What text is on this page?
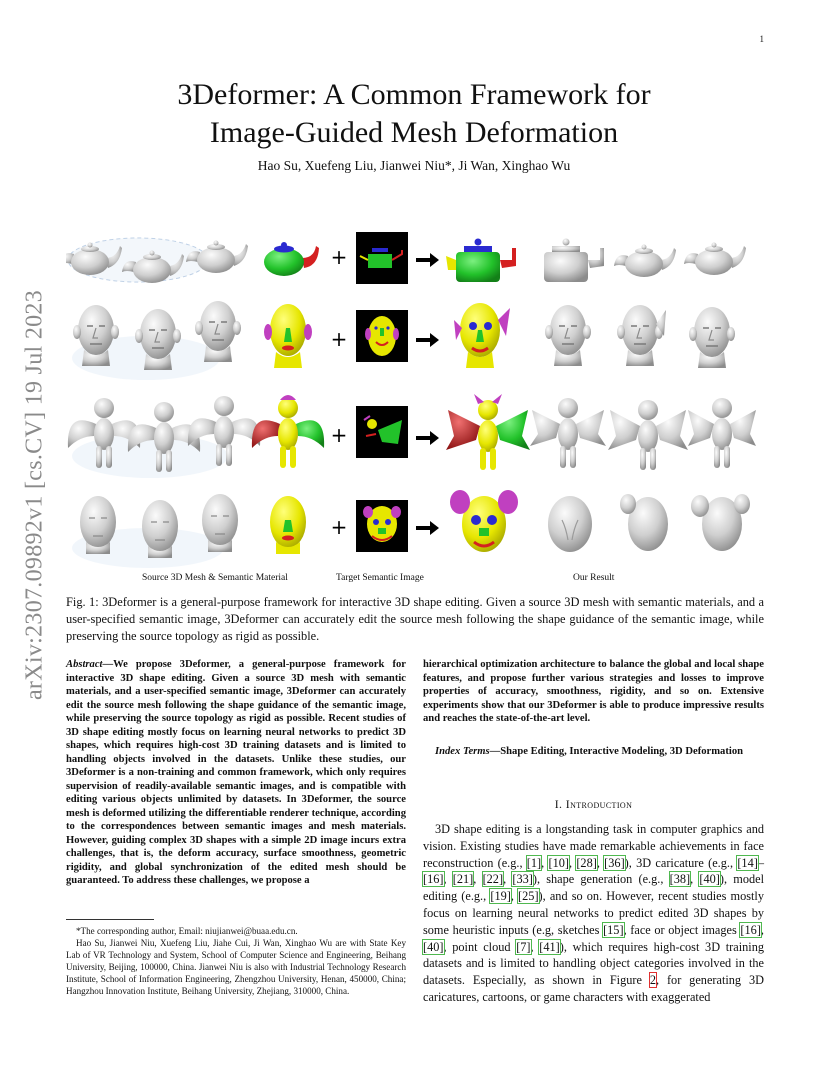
1
3Deformer: A Common Framework for
Image-Guided Mesh Deformation
Hao Su, Xuefeng Liu, Jianwei Niu*, Ji Wan, Xinghao Wu
arXiv:2307.09892v1 [cs.CV] 19 Jul 2023
+
+
+
+
Source 3D Mesh & Semantic Material	Target Semantic Image	Our Result
Fig. 1: 3Deformer is a general-purpose framework for interactive 3D shape editing. Given a source 3D mesh with semantic materials, and a user-specified semantic image, 3Deformer can accurately edit the source mesh following the shape guidance of the semantic image, while preserving the source topology as rigid as possible.
Abstract—We propose 3Deformer, a general-purpose framework for interactive 3D shape editing. Given a source 3D mesh with semantic materials, and a user-specified semantic image, 3Deformer can accurately edit the source mesh following the shape guidance of the semantic image, while preserving the source topology as rigid as possible. Recent studies of 3D shape editing mostly focus on learning neural networks to predict 3D shapes, which requires high-cost 3D training datasets and is limited to handling objects involved in the datasets. Unlike these studies, our 3Deformer is a non-training and common framework, which only requires supervision of readily-available semantic images, and is compatible with editing various objects unlimited by datasets. In 3Deformer, the source mesh is deformed utilizing the differentiable renderer technique, according to the correspondences between semantic images and mesh materials. However, guiding complex 3D shapes with a simple 2D image incurs extra challenges, that is, the deform accuracy, surface smoothness, geometric rigidity, and global synchronization of the edited mesh should be guaranteed. To address these challenges, we propose a

*The corresponding author, Email: niujianwei@buaa.edu.cn.

Hao Su, Jianwei Niu, Xuefeng Liu, Jiahe Cui, Ji Wan, Xinghao Wu are with State Key Lab of VR Technology and System, School of Computer Science and Engineering, Beihang University, Beijing, 100000, China. Jianwei Niu is also with Industrial Technology Research Institute, School of Information Engineering, Zhengzhou University, Henan, 450000, China; Hangzhou Innovation Institute, Beihang University, Zhejiang, 310000, China.

hierarchical optimization architecture to balance the global and local shape features, and propose further various strategies and losses to improve properties of accuracy, smoothness, rigidity, and so on. Extensive experiments show that our 3Deformer is able to produce impressive results and reaches the state-of-the-art level.
Index Terms—Shape Editing, Interactive Modeling, 3D Deformation
I. Introduction
3D shape editing is a longstanding task in computer graphics and vision. Existing studies have made remarkable achievements in face reconstruction (e.g., [1], [10], [28], [36]), 3D caricature (e.g., [14]–[16], [21], [22], [33]), shape generation (e.g., [38], [40]), model editing (e.g., [19], [25]), and so on. However, recent studies mostly focus on learning neural networks to predict edited 3D shapes by some heuristic inputs (e.g, sketches [15], face or object images [16], [40], point cloud [7], [41]), which requires high-cost 3D training datasets and is limited to handling object categories involved in the datasets. Especially, as shown in Figure 2, for generating 3D caricatures, cartoons, or game characters with exaggerated
